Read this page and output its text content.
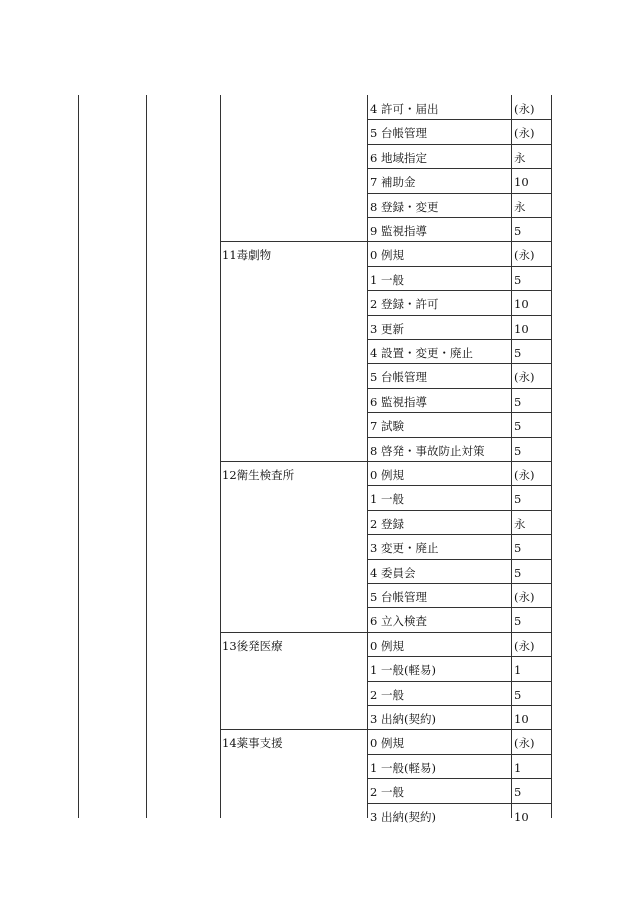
4 許可・届出	(永)
5 台帳管理	(永)
6 地域指定	永
7 補助金	10
8 登録・変更	永
9 監視指導	5
11毒劇物	0 例規	(永)
1 一般	5
2 登録・許可	10
3 更新	10
4 設置・変更・廃止	5
5 台帳管理	(永)
6 監視指導	5
7 試験	5
8 啓発・事故防止対策	5
12衛生検査所	0 例規	(永)
1 一般	5
2 登録	永
3 変更・廃止	5
4 委員会	5
5 台帳管理	(永)
6 立入検査	5
13後発医療	0 例規	(永)
1 一般(軽易)	1
2 一般	5
3 出納(契約)	10
14薬事支援	0 例規	(永)
1 一般(軽易)	1
2 一般	5
3 出納(契約)	10
